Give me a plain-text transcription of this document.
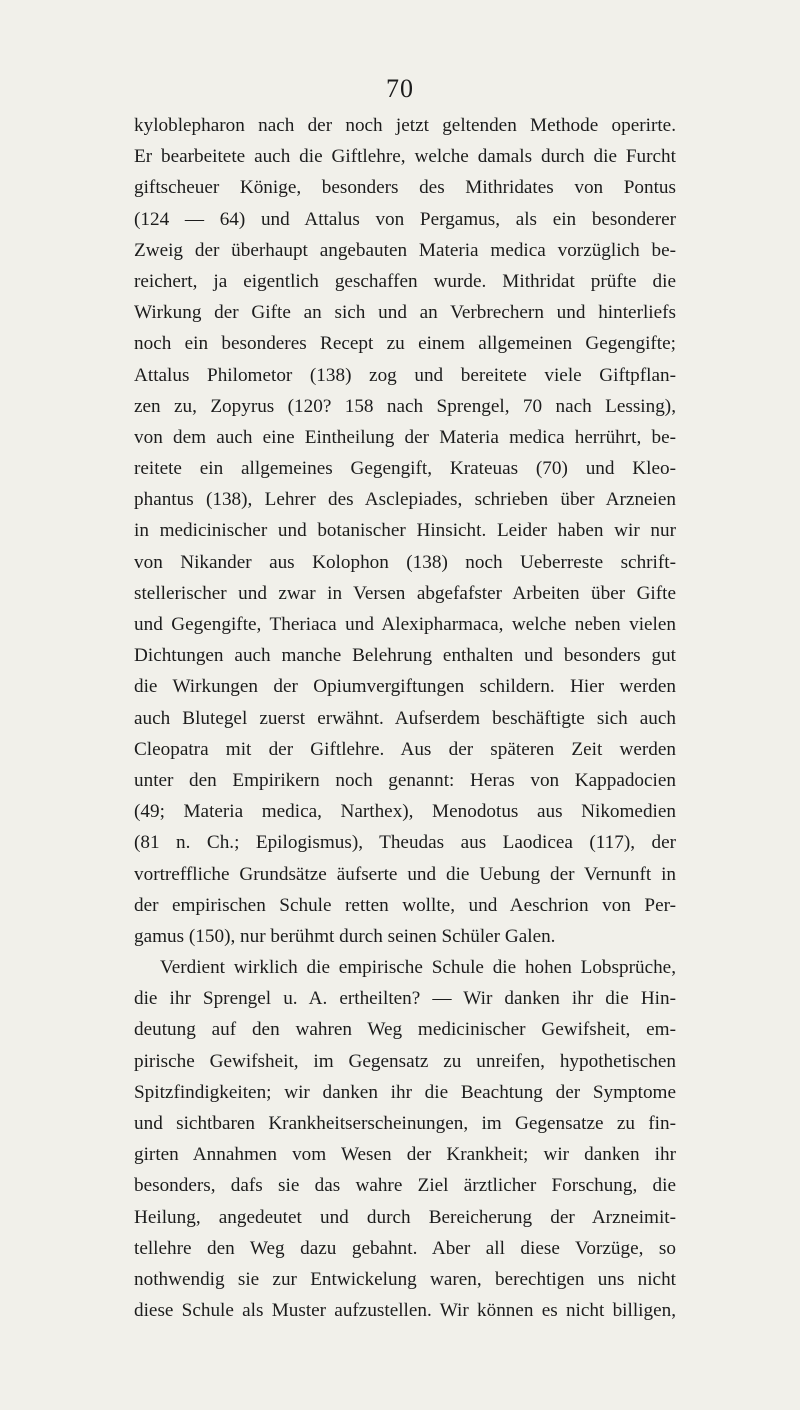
70
kyloblepharon nach der noch jetzt geltenden Methode operirte.
Er bearbeitete auch die Giftlehre, welche damals durch die Furcht
giftscheuer Könige, besonders des Mithridates von Pontus
(124 — 64) und Attalus von Pergamus, als ein besonderer
Zweig der überhaupt angebauten Materia medica vorzüglich be-
reichert, ja eigentlich geschaffen wurde. Mithridat prüfte die
Wirkung der Gifte an sich und an Verbrechern und hinterliefs
noch ein besonderes Recept zu einem allgemeinen Gegengifte;
Attalus Philometor (138) zog und bereitete viele Giftpflan-
zen zu, Zopyrus (120? 158 nach Sprengel, 70 nach Lessing),
von dem auch eine Eintheilung der Materia medica herrührt, be-
reitete ein allgemeines Gegengift, Krateuas (70) und Kleo-
phantus (138), Lehrer des Asclepiades, schrieben über Arzneien
in medicinischer und botanischer Hinsicht. Leider haben wir nur
von Nikander aus Kolophon (138) noch Ueberreste schrift-
stellerischer und zwar in Versen abgefafster Arbeiten über Gifte
und Gegengifte, Theriaca und Alexipharmaca, welche neben vielen
Dichtungen auch manche Belehrung enthalten und besonders gut
die Wirkungen der Opiumvergiftungen schildern. Hier werden
auch Blutegel zuerst erwähnt. Aufserdem beschäftigte sich auch
Cleopatra mit der Giftlehre. Aus der späteren Zeit werden
unter den Empirikern noch genannt: Heras von Kappadocien
(49; Materia medica, Narthex), Menodotus aus Nikomedien
(81 n. Ch.; Epilogismus), Theudas aus Laodicea (117), der
vortreffliche Grundsätze äufserte und die Uebung der Vernunft in
der empirischen Schule retten wollte, und Aeschrion von Per-
gamus (150), nur berühmt durch seinen Schüler Galen.
Verdient wirklich die empirische Schule die hohen Lobsprüche,
die ihr Sprengel u. A. ertheilten? — Wir danken ihr die Hin-
deutung auf den wahren Weg medicinischer Gewifsheit, em-
pirische Gewifsheit, im Gegensatz zu unreifen, hypothetischen
Spitzfindigkeiten; wir danken ihr die Beachtung der Symptome
und sichtbaren Krankheitserscheinungen, im Gegensatze zu fin-
girten Annahmen vom Wesen der Krankheit; wir danken ihr
besonders, dafs sie das wahre Ziel ärztlicher Forschung, die
Heilung, angedeutet und durch Bereicherung der Arzneimit-
tellehre den Weg dazu gebahnt. Aber all diese Vorzüge, so
nothwendig sie zur Entwickelung waren, berechtigen uns nicht
diese Schule als Muster aufzustellen. Wir können es nicht billigen,
